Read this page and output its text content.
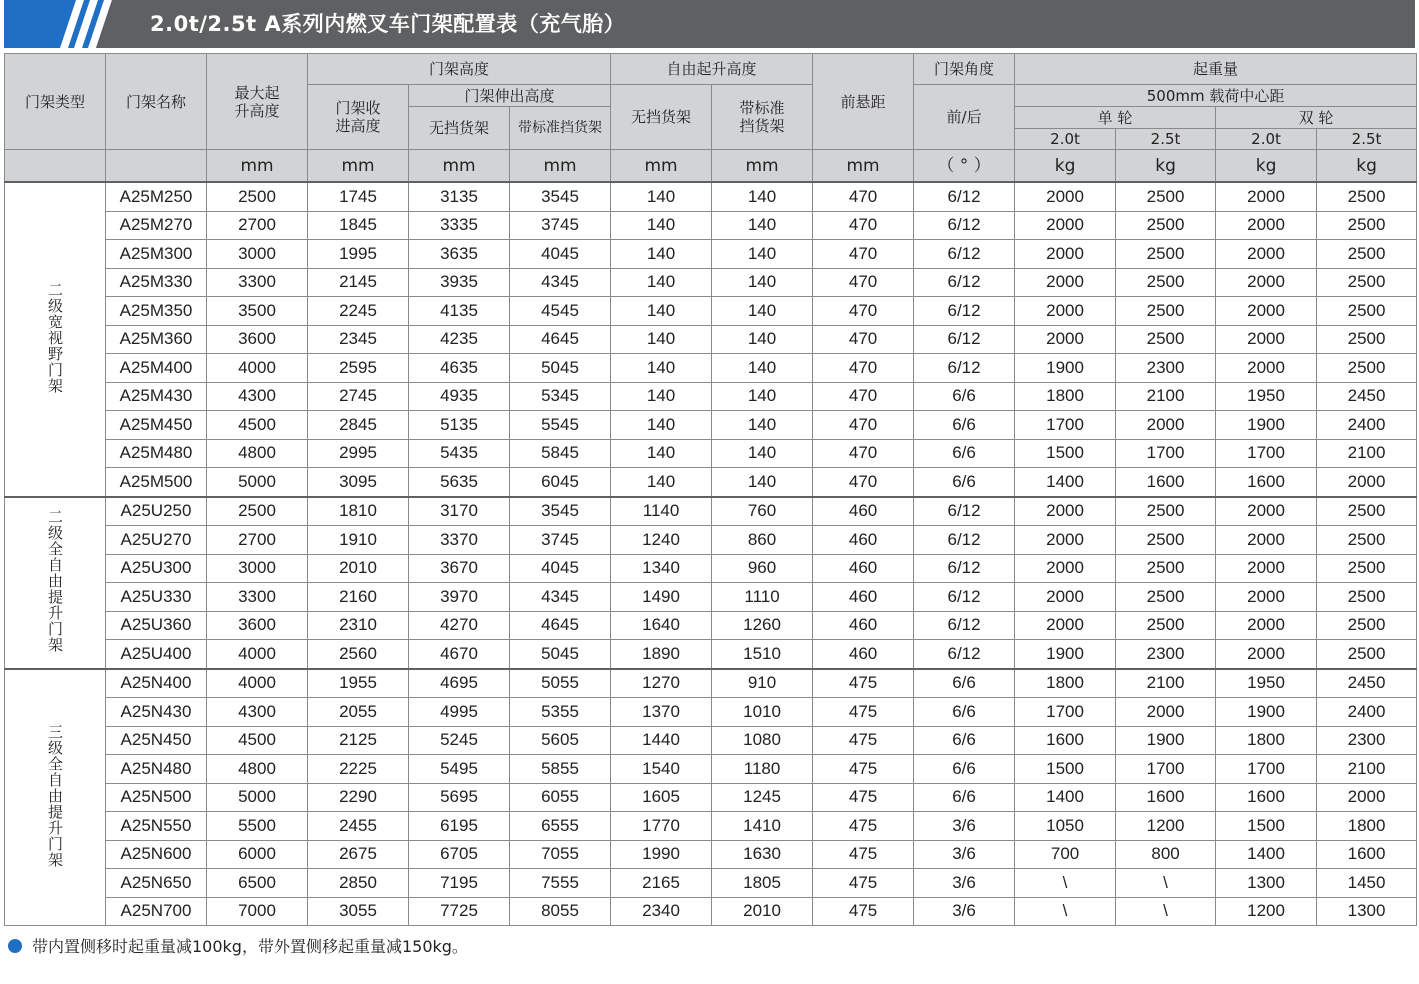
2.0t/2.5t A系列内燃叉车门架配置表（充气胎）
门架类型	门架名称	最大起升高度	门架高度			自由起升高度		前悬距	门架角度	起重量			
			门架收进高度	门架伸出高度		无挡货架	带标准挡货架		前/后	500mm 载荷中心距			
				无挡货架	带标准挡货架					单 轮		双 轮	
										2.0t	2.5t	2.0t	2.5t
		mm	mm	mm	mm	mm	mm	mm	（ ° ）	kg	kg	kg	kg
二级宽视野门架	A25M250	2500	1745	3135	3545	140	140	470	6/12	2000	2500	2000	2500
	A25M270	2700	1845	3335	3745	140	140	470	6/12	2000	2500	2000	2500
	A25M300	3000	1995	3635	4045	140	140	470	6/12	2000	2500	2000	2500
	A25M330	3300	2145	3935	4345	140	140	470	6/12	2000	2500	2000	2500
	A25M350	3500	2245	4135	4545	140	140	470	6/12	2000	2500	2000	2500
	A25M360	3600	2345	4235	4645	140	140	470	6/12	2000	2500	2000	2500
	A25M400	4000	2595	4635	5045	140	140	470	6/12	1900	2300	2000	2500
	A25M430	4300	2745	4935	5345	140	140	470	6/6	1800	2100	1950	2450
	A25M450	4500	2845	5135	5545	140	140	470	6/6	1700	2000	1900	2400
	A25M480	4800	2995	5435	5845	140	140	470	6/6	1500	1700	1700	2100
	A25M500	5000	3095	5635	6045	140	140	470	6/6	1400	1600	1600	2000
二级全自由提升门架	A25U250	2500	1810	3170	3545	1140	760	460	6/12	2000	2500	2000	2500
	A25U270	2700	1910	3370	3745	1240	860	460	6/12	2000	2500	2000	2500
	A25U300	3000	2010	3670	4045	1340	960	460	6/12	2000	2500	2000	2500
	A25U330	3300	2160	3970	4345	1490	1110	460	6/12	2000	2500	2000	2500
	A25U360	3600	2310	4270	4645	1640	1260	460	6/12	2000	2500	2000	2500
	A25U400	4000	2560	4670	5045	1890	1510	460	6/12	1900	2300	2000	2500
三级全自由提升门架	A25N400	4000	1955	4695	5055	1270	910	475	6/6	1800	2100	1950	2450
	A25N430	4300	2055	4995	5355	1370	1010	475	6/6	1700	2000	1900	2400
	A25N450	4500	2125	5245	5605	1440	1080	475	6/6	1600	1900	1800	2300
	A25N480	4800	2225	5495	5855	1540	1180	475	6/6	1500	1700	1700	2100
	A25N500	5000	2290	5695	6055	1605	1245	475	6/6	1400	1600	1600	2000
	A25N550	5500	2455	6195	6555	1770	1410	475	3/6	1050	1200	1500	1800
	A25N600	6000	2675	6705	7055	1990	1630	475	3/6	700	800	1400	1600
	A25N650	6500	2850	7195	7555	2165	1805	475	3/6	\	\	1300	1450
	A25N700	7000	3055	7725	8055	2340	2010	475	3/6	\	\	1200	1300
带内置侧移时起重量减100kg，带外置侧移起重量减150kg。
